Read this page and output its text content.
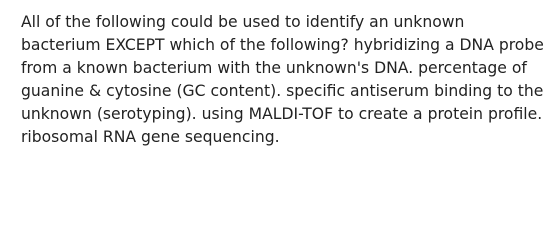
All of the following could be used to identify an unknown bacterium EXCEPT which of the following? hybridizing a DNA probe from a known bacterium with the unknown's DNA. percentage of guanine & cytosine (GC content). specific antiserum binding to the unknown (serotyping). using MALDI-TOF to create a protein profile. ribosomal RNA gene sequencing.
